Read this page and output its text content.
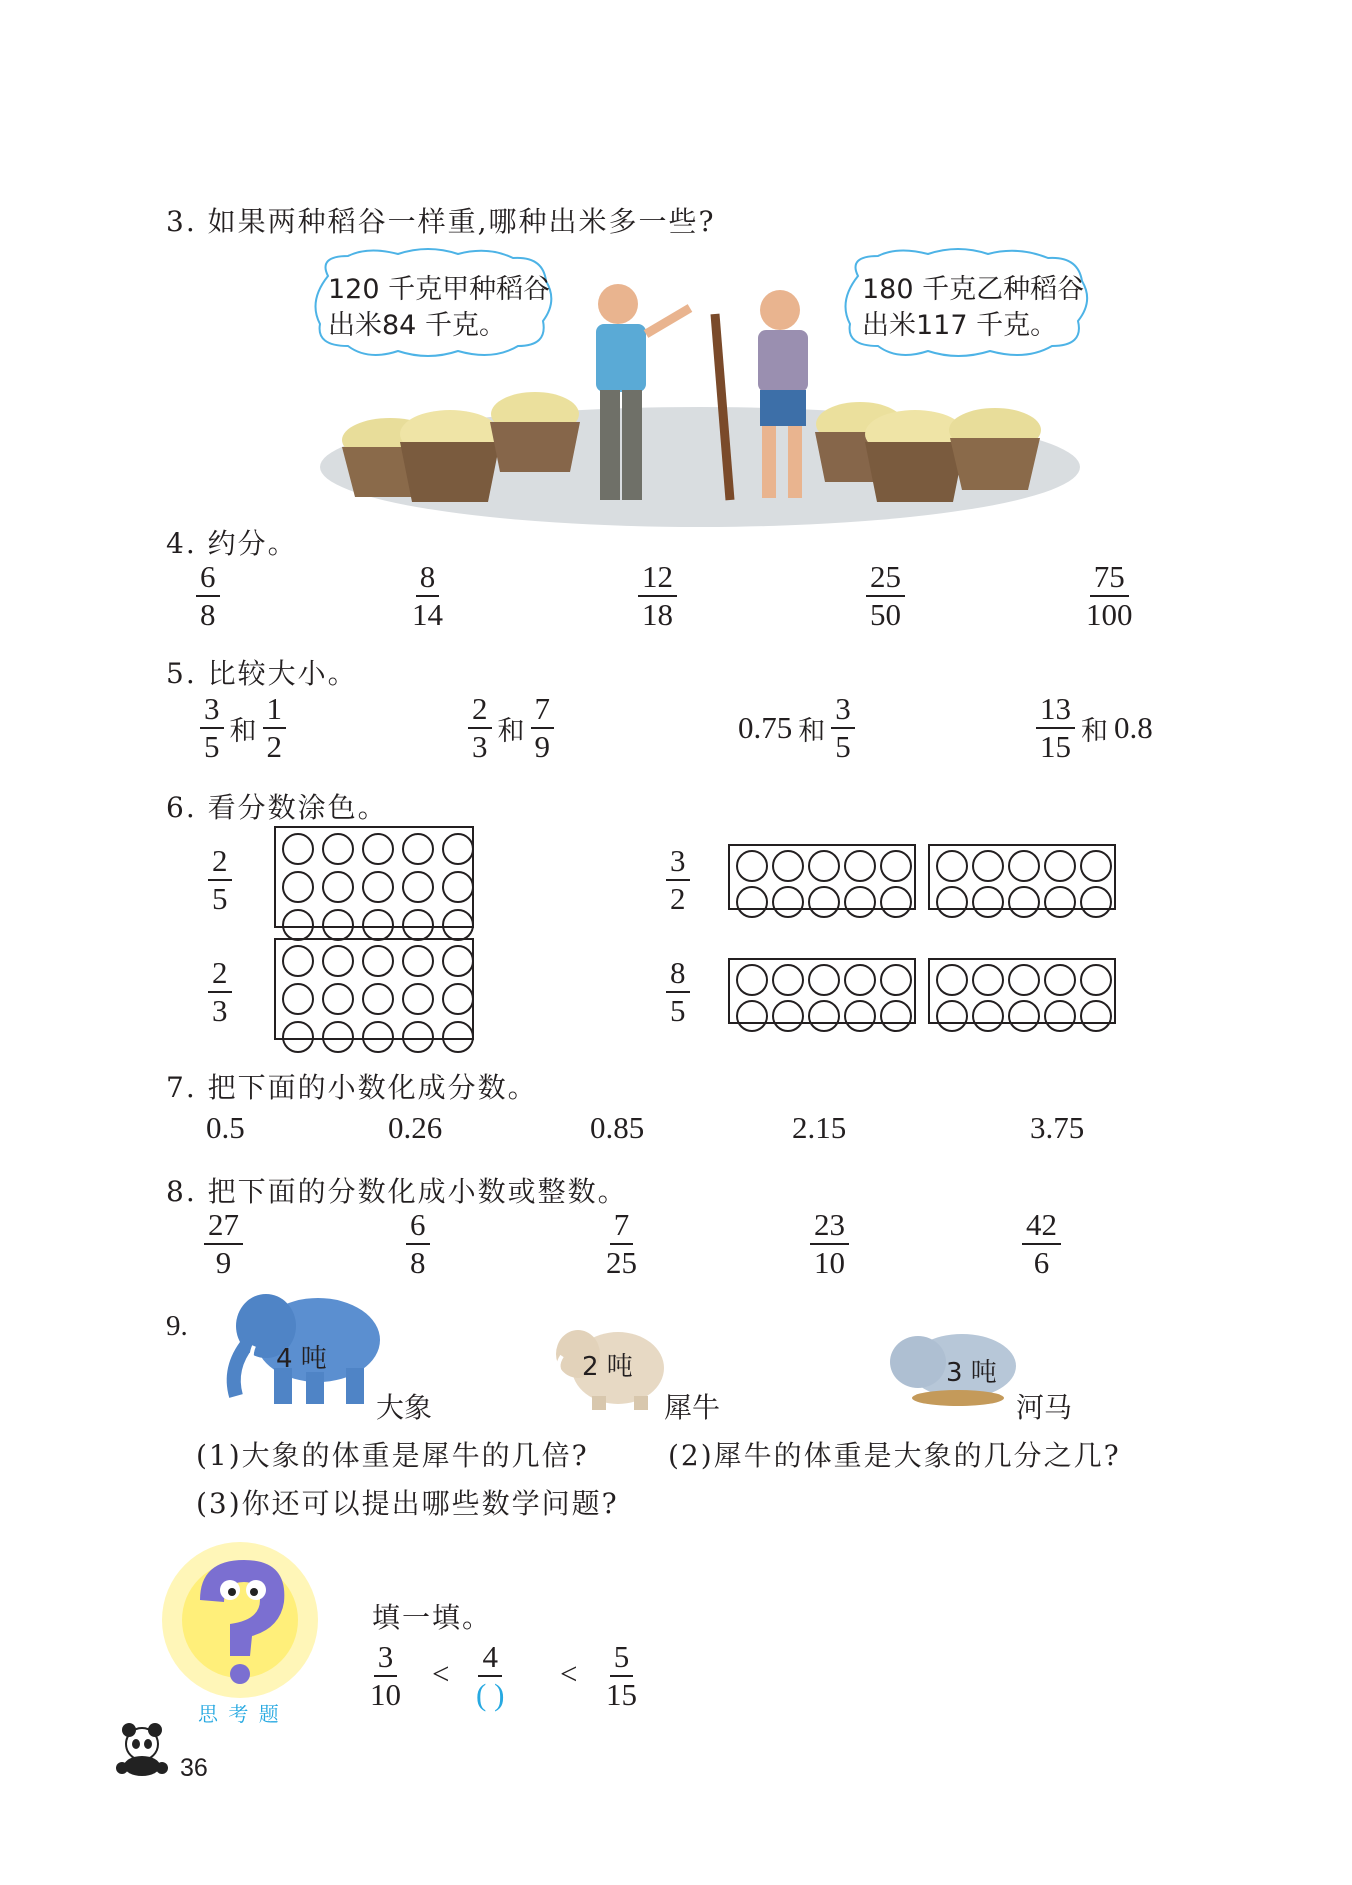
3. 如果两种稻谷一样重,哪种出米多一些?
120 千克甲种稻谷
出米84 千克。
180 千克乙种稻谷
出米117 千克。
4. 约分。
$\frac{6}{8}$	$\frac{8}{14}$	$\frac{12}{18}$	$\frac{25}{50}$	$\frac{75}{100}$
5. 比较大小。
$\frac{3}{5}$ 和 $\frac{1}{2}$	$\frac{2}{3}$ 和 $\frac{7}{9}$	0.75 和 $\frac{3}{5}$	$\frac{13}{15}$ 和 0.8
6. 看分数涂色。
$\frac{2}{5}$	$\frac{3}{2}$
$\frac{2}{3}$	$\frac{8}{5}$
7. 把下面的小数化成分数。
0.5	0.26	0.85	2.15	3.75
8. 把下面的分数化成小数或整数。
$\frac{27}{9}$	$\frac{6}{8}$	$\frac{7}{25}$	$\frac{23}{10}$	$\frac{42}{6}$
9.
4 吨
大象
2 吨
犀牛
3 吨
河马
(1)大象的体重是犀牛的几倍?	(2)犀牛的体重是大象的几分之几?
(3)你还可以提出哪些数学问题?
思 考 题
填一填。
$\frac{3}{10} < 4$
( )
< $\frac{5}{15}$
36
